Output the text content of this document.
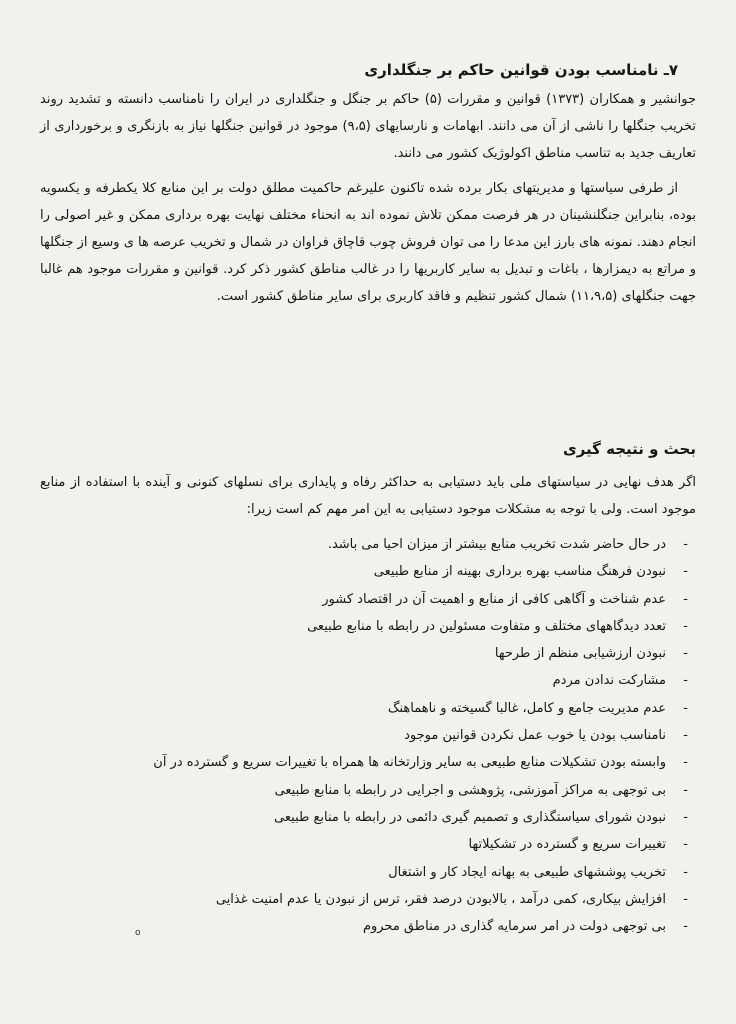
۷ـ نامناسب بودن قوانین حاکم بر جنگلداری

جوانشیر و همکاران (۱۳۷۳) قوانین و مقررات (۵) حاکم بر جنگل و جنگلداری در ایران را نامناسب دانسته و تشدید روند تخریب جنگلها را ناشی از آن می دانند. ابهامات و نارسایهای (۹،۵) موجود در قوانین جنگلها نیاز به بازنگری و برخورداری از تعاریف جدید به تناسب مناطق اکولوژیک کشور می دانند.

از طرفی سیاستها و مدیریتهای بکار برده شده تاکنون علیرغم حاکمیت مطلق دولت بر این منابع کلا یکطرفه و یکسویه بوده، بنابراین جنگلنشینان در هر فرصت ممکن تلاش نموده اند به انحناء مختلف نهایت بهره برداری ممکن و غیر اصولی را انجام دهند. نمونه های بارز این مدعا را می توان فروش چوب قاچاق فراوان در شمال و تخریب عرصه ها ی وسیع از جنگلها و مراتع به دیمزارها ، باغات و تبدیل به سایر کاربریها را در غالب مناطق کشور ذکر کرد. قوانین و مقررات موجود هم غالبا جهت جنگلهای (۱۱،۹،۵) شمال کشور تنظیم و فاقد کاربری برای سایر مناطق کشور است.

بحث و نتیجه گیری

اگر هدف نهایی در سیاستهای ملی باید دستیابی به حداکثر رفاه و پایداری برای نسلهای کنونی و آینده با استفاده از منابع موجود است. ولی با توجه به مشکلات موجود دستیابی به این امر مهم کم است زیرا:

-
در حال حاضر شدت تخریب منابع بیشتر از میزان احیا می باشد.
-
نبودن فرهنگ مناسب بهره برداری بهینه از منابع طبیعی
-
عدم شناخت و آگاهی کافی از منابع و اهمیت آن در اقتصاد کشور
-
تعدد دیدگاههای مختلف و متفاوت مسئولین در رابطه با منابع طبیعی
-
نبودن ارزشیابی منظم از طرحها
-
مشارکت ندادن مردم
-
عدم مدیریت جامع و کامل، غالبا گسیخته و ناهماهنگ
-
نامناسب بودن یا خوب عمل نکردن قوانین موجود
-
وابسته بودن تشکیلات منابع طبیعی به سایر وزارتخانه ها همراه با تغییرات سریع و گسترده در آن
-
بی توجهی به مراکز آموزشی، پژوهشی و اجرایی در رابطه با منابع طبیعی
-
نبودن شورای سیاستگذاری و تصمیم گیری دائمی در رابطه با منابع طبیعی
-
تغییرات سریع و گسترده در تشکیلاتها
-
تخریب پوششهای طبیعی به بهانه ایجاد کار و اشتغال
-
افزایش بیکاری، کمی درآمد ، بالابودن درصد فقر، ترس از نبودن یا عدم امنیت غذایی
-
بی توجهی دولت در امر سرمایه گذاری در مناطق محروم
o
